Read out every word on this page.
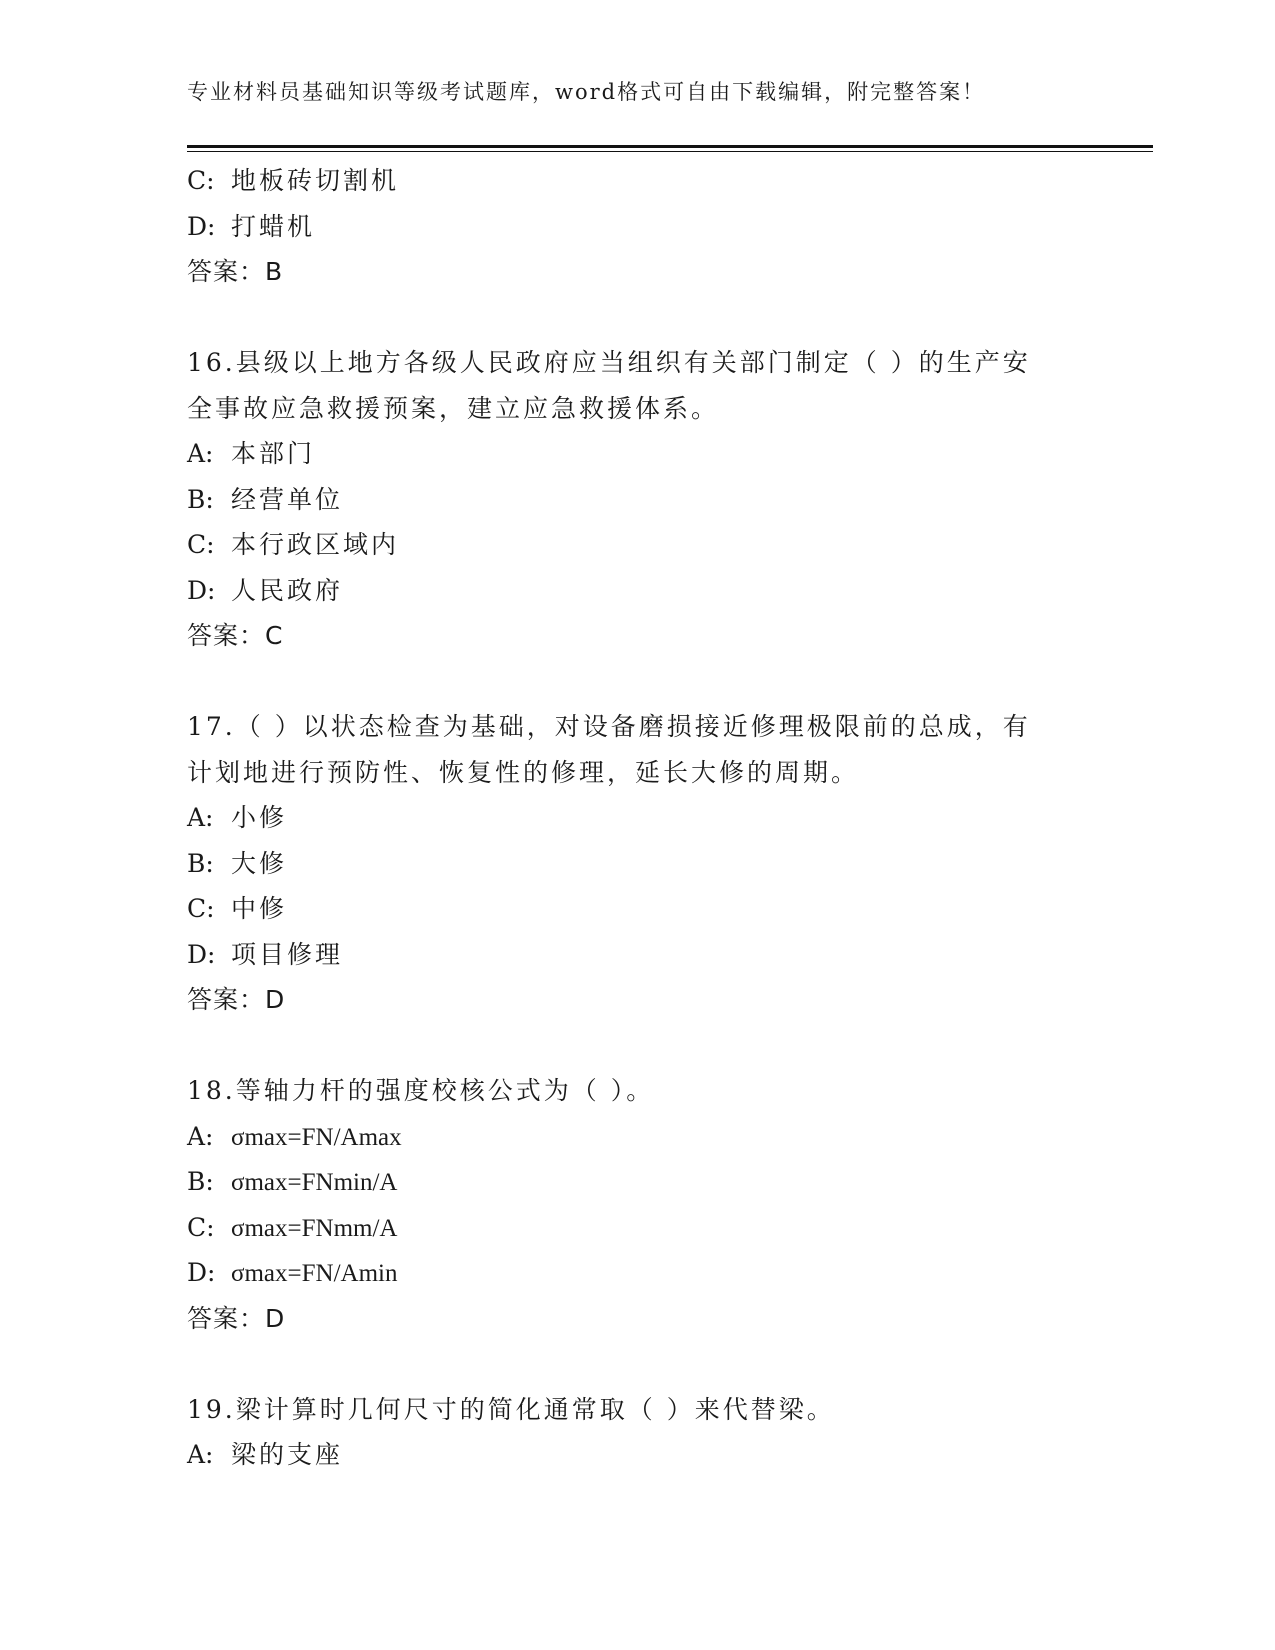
专业材料员基础知识等级考试题库，word格式可自由下载编辑，附完整答案！
C: 地板砖切割机
D: 打蜡机
答案：B
16.县级以上地方各级人民政府应当组织有关部门制定（ ）的生产安
全事故应急救援预案，建立应急救援体系。
A: 本部门
B: 经营单位
C: 本行政区域内
D: 人民政府
答案：C
17.（ ）以状态检查为基础，对设备磨损接近修理极限前的总成，有
计划地进行预防性、恢复性的修理，延长大修的周期。
A: 小修
B: 大修
C: 中修
D: 项目修理
答案：D
18.等轴力杆的强度校核公式为（ ）。
A: σmax=FN/Amax
B: σmax=FNmin/A
C: σmax=FNmm/A
D: σmax=FN/Amin
答案：D
19.梁计算时几何尺寸的简化通常取（ ）来代替梁。
A: 梁的支座
